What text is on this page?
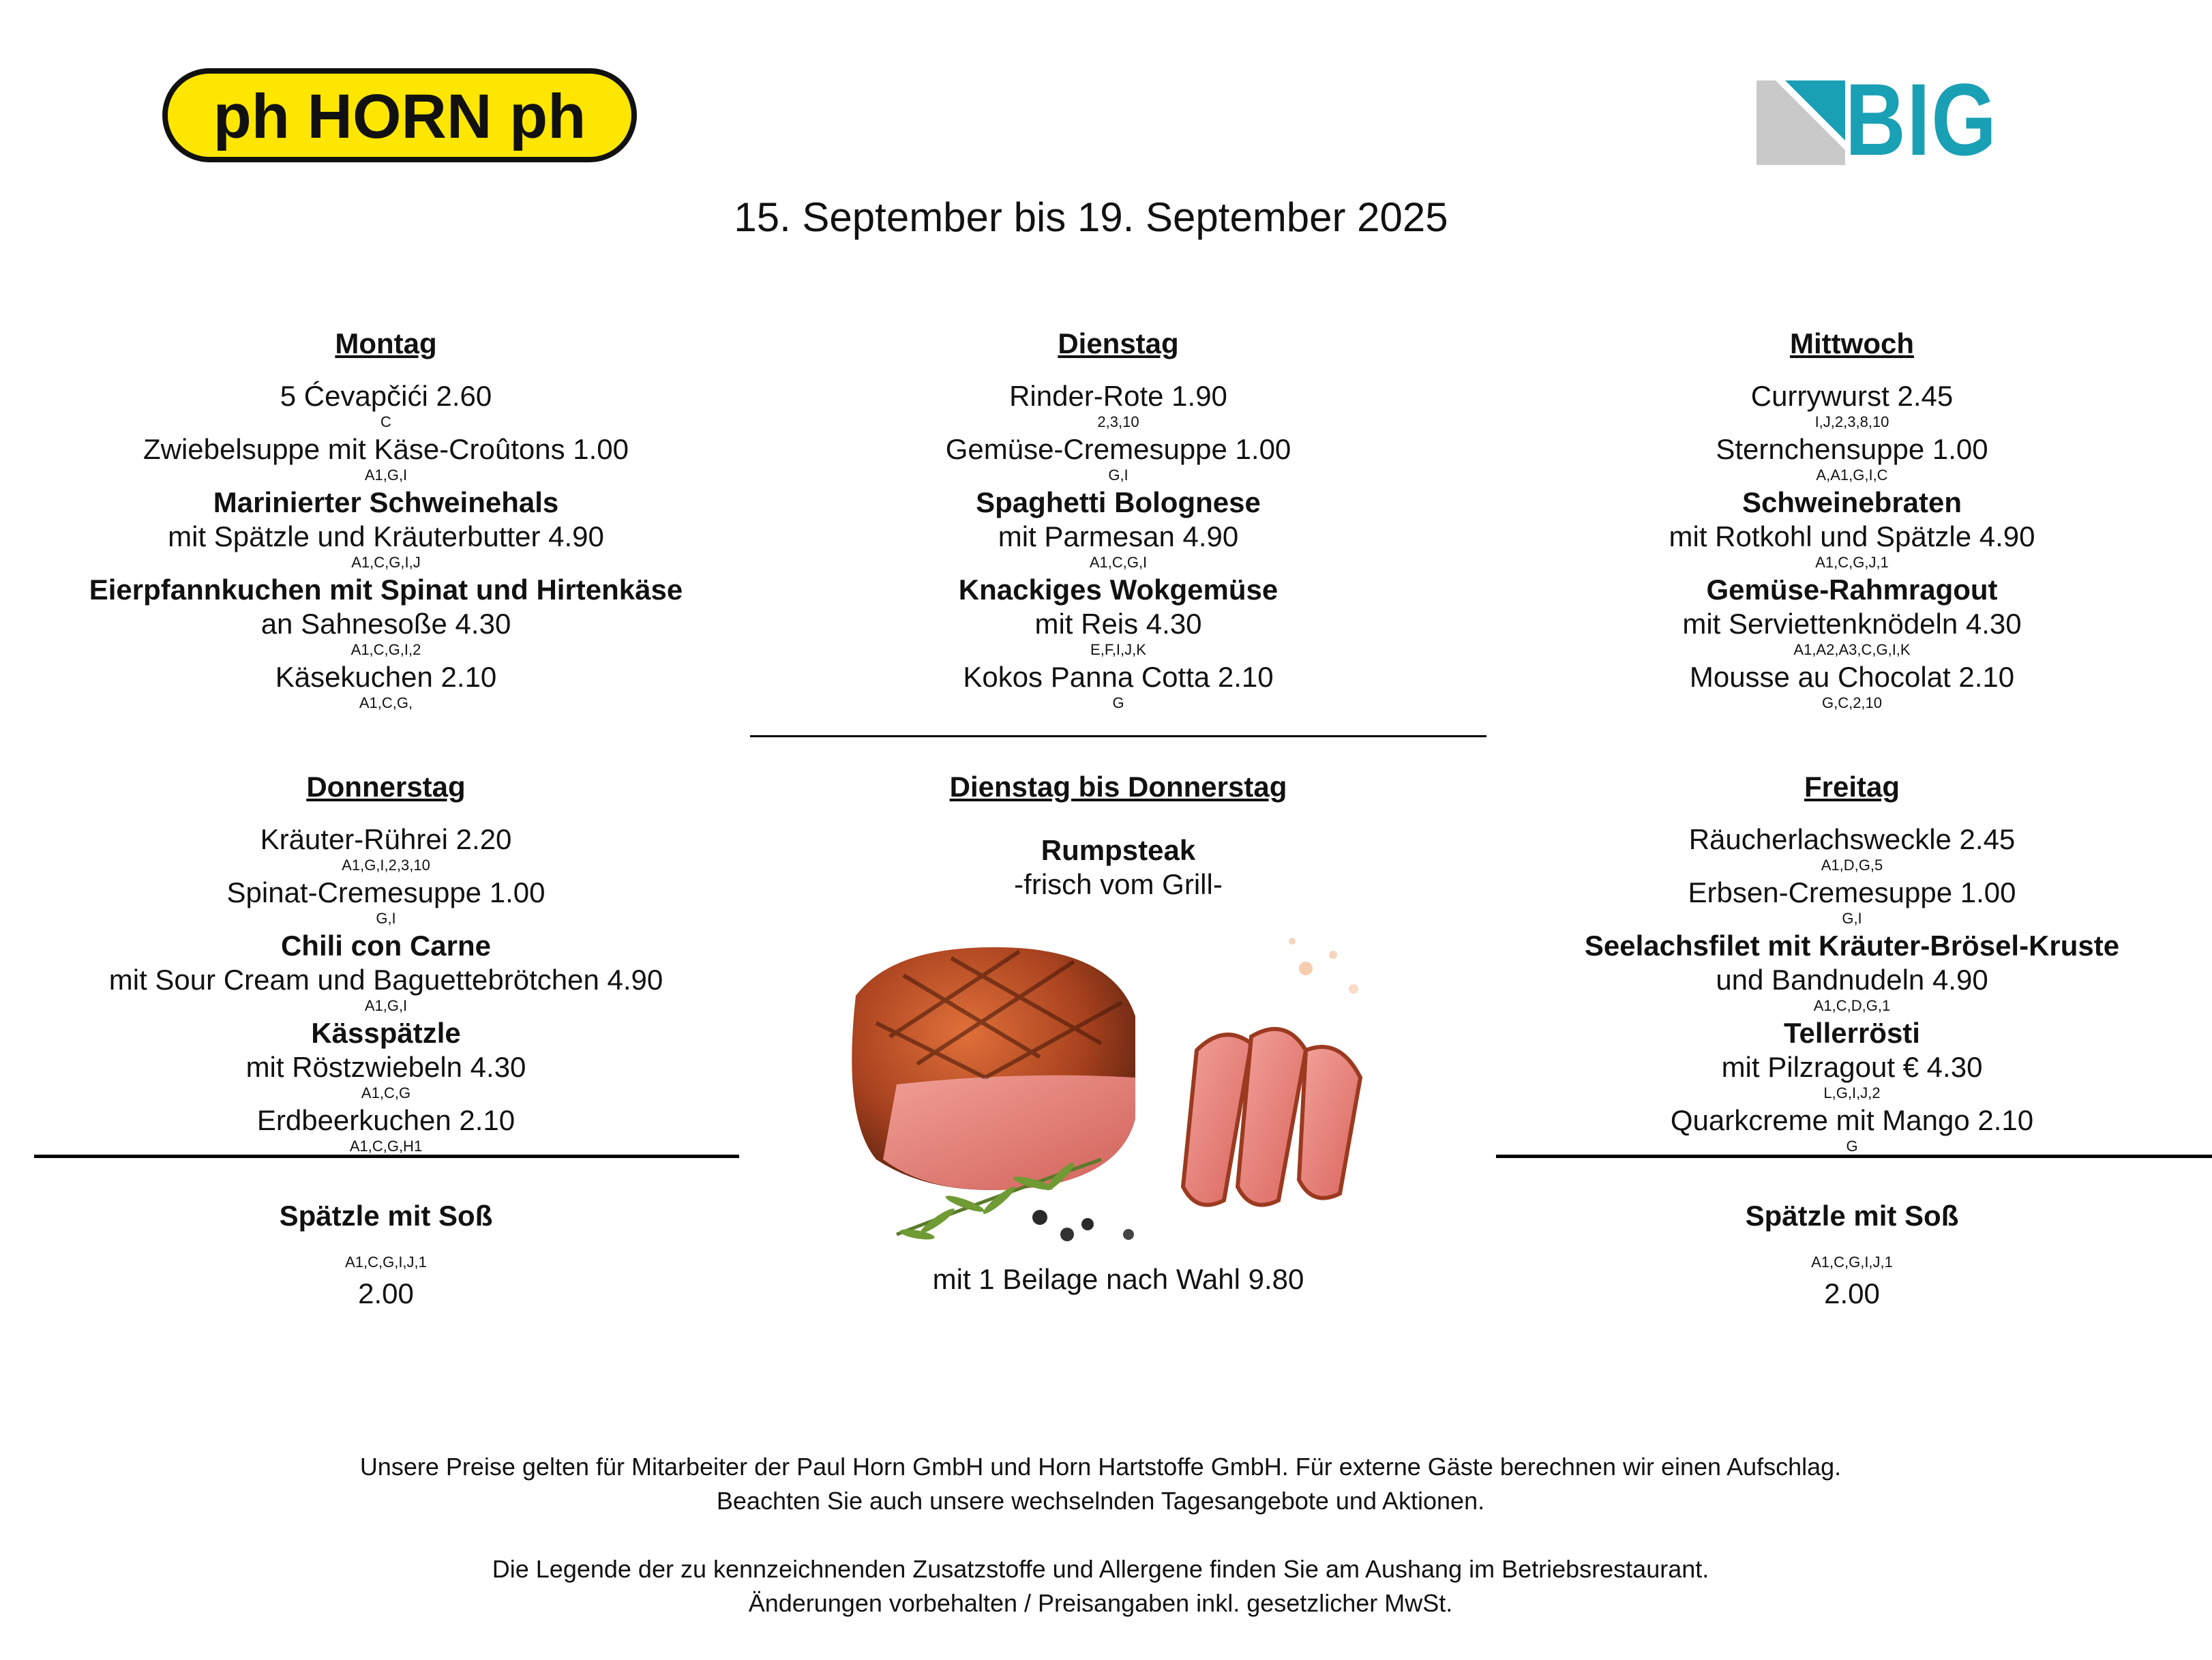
ph HORN ph	BIG
15. September bis 19. September 2025
Montag
5 Ćevapčići 2.60
C
Zwiebelsuppe mit Käse-Croûtons 1.00
A1,G,I
Marinierter Schweinehals
mit Spätzle und Kräuterbutter 4.90
A1,C,G,I,J
Eierpfannkuchen mit Spinat und Hirtenkäse
an Sahnesoße 4.30
A1,C,G,I,2
Käsekuchen 2.10
A1,C,G,
Dienstag
Rinder-Rote 1.90
2,3,10
Gemüse-Cremesuppe 1.00
G,I
Spaghetti Bolognese
mit Parmesan 4.90
A1,C,G,I
Knackiges Wokgemüse
mit Reis 4.30
E,F,I,J,K
Kokos Panna Cotta 2.10
G
Mittwoch
Currywurst 2.45
I,J,2,3,8,10
Sternchensuppe 1.00
A,A1,G,I,C
Schweinebraten
mit Rotkohl und Spätzle 4.90
A1,C,G,J,1
Gemüse-Rahmragout
mit Serviettenknödeln 4.30
A1,A2,A3,C,G,I,K
Mousse au Chocolat 2.10
G,C,2,10
Donnerstag
Kräuter-Rührei 2.20
A1,G,I,2,3,10
Spinat-Cremesuppe 1.00
G,I
Chili con Carne
mit Sour Cream und Baguettebrötchen 4.90
A1,G,I
Kässpätzle
mit Röstzwiebeln 4.30
A1,C,G
Erdbeerkuchen 2.10
A1,C,G,H1
Dienstag bis Donnerstag
Rumpsteak
-frisch vom Grill-
mit 1 Beilage nach Wahl 9.80
Freitag
Räucherlachsweckle 2.45
A1,D,G,5
Erbsen-Cremesuppe 1.00
G,I
Seelachsfilet mit Kräuter-Brösel-Kruste
und Bandnudeln 4.90
A1,C,D,G,1
Tellerrösti
mit Pilzragout € 4.30
L,G,I,J,2
Quarkcreme mit Mango 2.10
G
Spätzle mit Soß
A1,C,G,I,J,1
2.00
Spätzle mit Soß
A1,C,G,I,J,1
2.00
Unsere Preise gelten für Mitarbeiter der Paul Horn GmbH und Horn Hartstoffe GmbH. Für externe Gäste berechnen wir einen Aufschlag.
Beachten Sie auch unsere wechselnden Tagesangebote und Aktionen.
Die Legende der zu kennzeichnenden Zusatzstoffe und Allergene finden Sie am Aushang im Betriebsrestaurant.
Änderungen vorbehalten / Preisangaben inkl. gesetzlicher MwSt.
